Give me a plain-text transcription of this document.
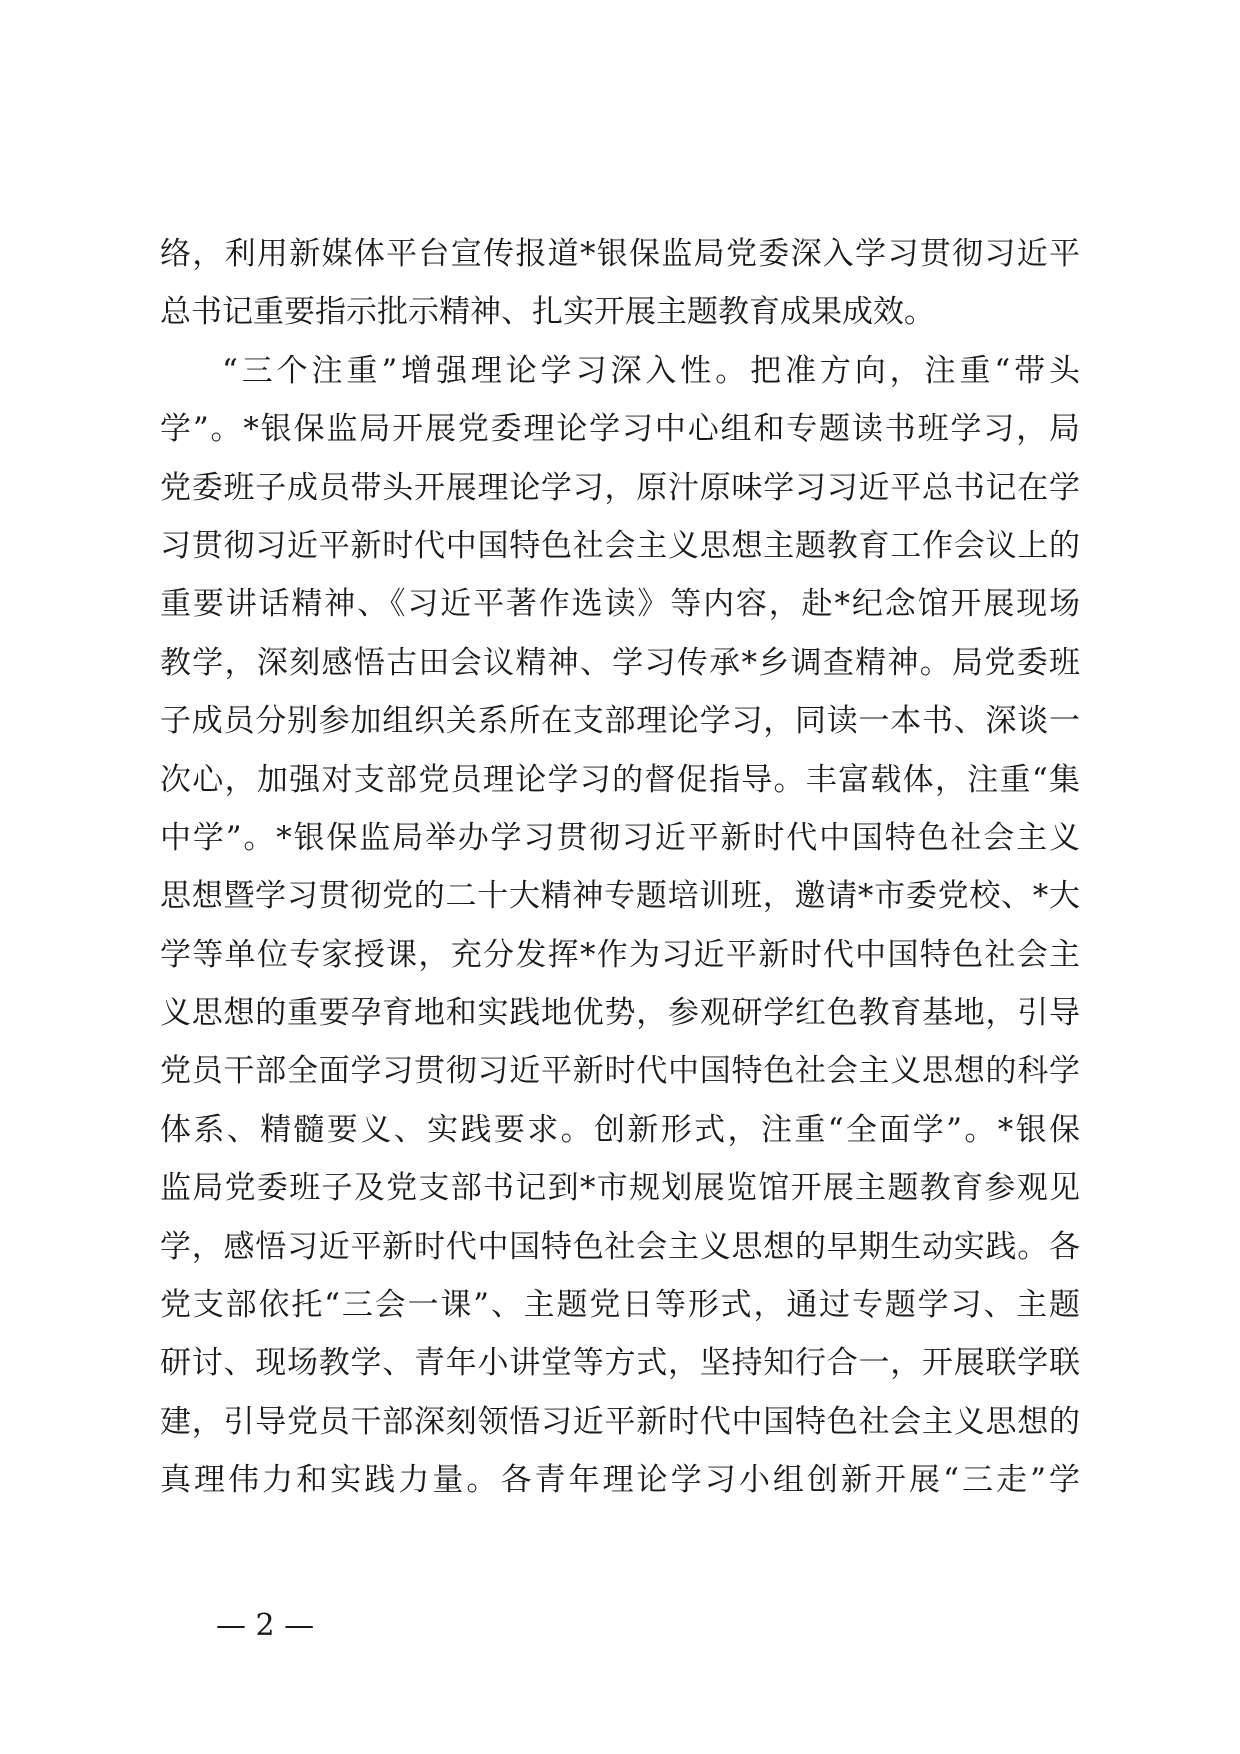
络，利用新媒体平台宣传报道*银保监局党委深入学习贯彻习近平
总书记重要指示批示精神、扎实开展主题教育成果成效。
“三个注重”增强理论学习深入性。把准方向，注重“带头
学”。*银保监局开展党委理论学习中心组和专题读书班学习，局
党委班子成员带头开展理论学习，原汁原味学习习近平总书记在学
习贯彻习近平新时代中国特色社会主义思想主题教育工作会议上的
重要讲话精神、《习近平著作选读》等内容，赴*纪念馆开展现场
教学，深刻感悟古田会议精神、学习传承*乡调查精神。局党委班
子成员分别参加组织关系所在支部理论学习，同读一本书、深谈一
次心，加强对支部党员理论学习的督促指导。丰富载体，注重“集
中学”。*银保监局举办学习贯彻习近平新时代中国特色社会主义
思想暨学习贯彻党的二十大精神专题培训班，邀请*市委党校、*大
学等单位专家授课，充分发挥*作为习近平新时代中国特色社会主
义思想的重要孕育地和实践地优势，参观研学红色教育基地，引导
党员干部全面学习贯彻习近平新时代中国特色社会主义思想的科学
体系、精髓要义、实践要求。创新形式，注重“全面学”。*银保
监局党委班子及党支部书记到*市规划展览馆开展主题教育参观见
学，感悟习近平新时代中国特色社会主义思想的早期生动实践。各
党支部依托“三会一课”、主题党日等形式，通过专题学习、主题
研讨、现场教学、青年小讲堂等方式，坚持知行合一，开展联学联
建，引导党员干部深刻领悟习近平新时代中国特色社会主义思想的
真理伟力和实践力量。各青年理论学习小组创新开展“三走”学
— 2 —
